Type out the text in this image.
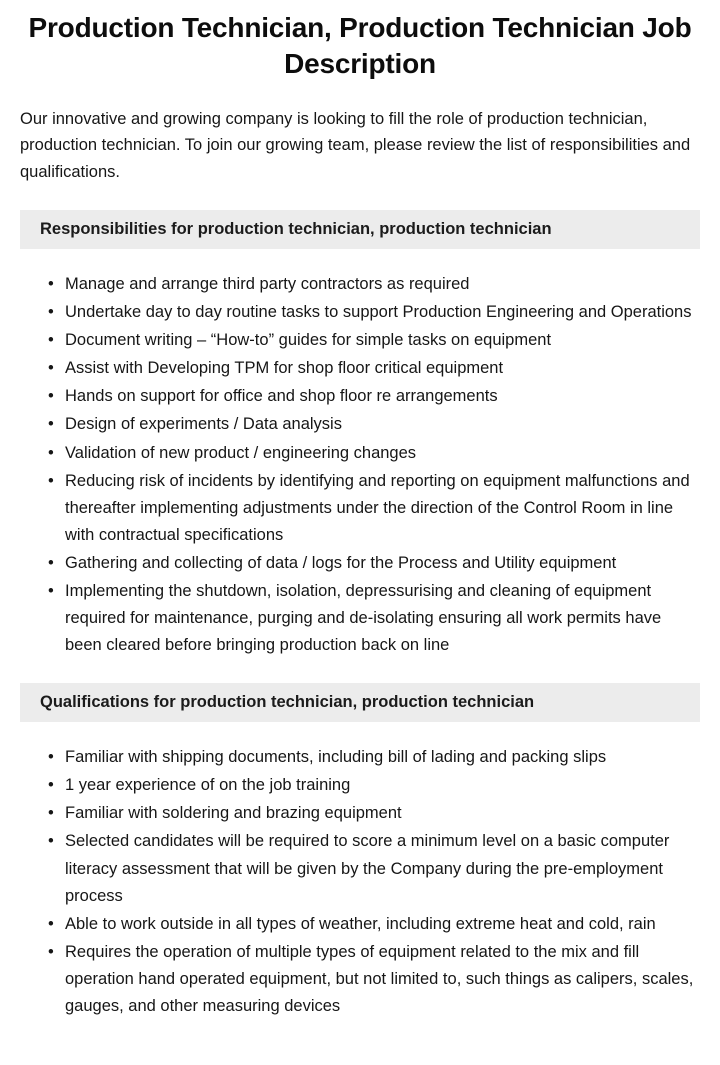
Production Technician, Production Technician Job Description

Our innovative and growing company is looking to fill the role of production technician, production technician. To join our growing team, please review the list of responsibilities and qualifications.

Responsibilities for production technician, production technician
• Manage and arrange third party contractors as required
• Undertake day to day routine tasks to support Production Engineering and Operations
• Document writing – “How-to” guides for simple tasks on equipment
• Assist with Developing TPM for shop floor critical equipment
• Hands on support for office and shop floor re arrangements
• Design of experiments / Data analysis
• Validation of new product / engineering changes
• Reducing risk of incidents by identifying and reporting on equipment malfunctions and thereafter implementing adjustments under the direction of the Control Room in line with contractual specifications
• Gathering and collecting of data / logs for the Process and Utility equipment
• Implementing the shutdown, isolation, depressurising and cleaning of equipment required for maintenance, purging and de-isolating ensuring all work permits have been cleared before bringing production back on line
Qualifications for production technician, production technician
• Familiar with shipping documents, including bill of lading and packing slips
• 1 year experience of on the job training
• Familiar with soldering and brazing equipment
• Selected candidates will be required to score a minimum level on a basic computer literacy assessment that will be given by the Company during the pre-employment process
• Able to work outside in all types of weather, including extreme heat and cold, rain
• Requires the operation of multiple types of equipment related to the mix and fill operation hand operated equipment, but not limited to, such things as calipers, scales, gauges, and other measuring devices
